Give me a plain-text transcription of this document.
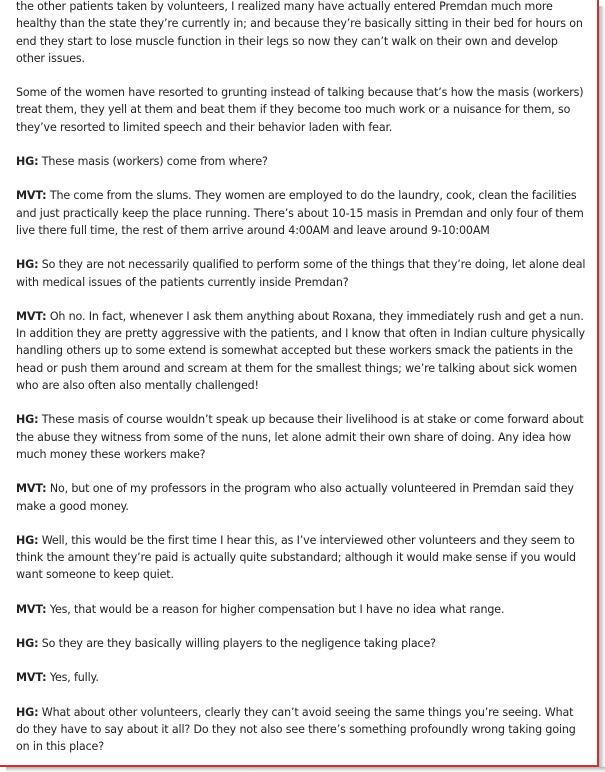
the other patients taken by volunteers, I realized many have actually entered Premdan much more healthy than the state they’re currently in; and because they’re basically sitting in their bed for hours on end they start to lose muscle function in their legs so now they can’t walk on their own and develop other issues.

Some of the women have resorted to grunting instead of talking because that’s how the masis (workers) treat them, they yell at them and beat them if they become too much work or a nuisance for them, so they’ve resorted to limited speech and their behavior laden with fear.

HG: These masis (workers) come from where?

MVT: The come from the slums. They women are employed to do the laundry, cook, clean the facilities and just practically keep the place running. There’s about 10-15 masis in Premdan and only four of them live there full time, the rest of them arrive around 4:00AM and leave around 9-10:00AM

HG: So they are not necessarily qualified to perform some of the things that they’re doing, let alone deal with medical issues of the patients currently inside Premdan?

MVT: Oh no. In fact, whenever I ask them anything about Roxana, they immediately rush and get a nun. In addition they are pretty aggressive with the patients, and I know that often in Indian culture physically handling others up to some extend is somewhat accepted but these workers smack the patients in the head or push them around and scream at them for the smallest things; we’re talking about sick women who are also often also mentally challenged!

HG: These masis of course wouldn’t speak up because their livelihood is at stake or come forward about the abuse they witness from some of the nuns, let alone admit their own share of doing. Any idea how much money these workers make?

MVT: No, but one of my professors in the program who also actually volunteered in Premdan said they make a good money.

HG: Well, this would be the first time I hear this, as I’ve interviewed other volunteers and they seem to think the amount they’re paid is actually quite substandard; although it would make sense if you would want someone to keep quiet.

MVT: Yes, that would be a reason for higher compensation but I have no idea what range.

HG: So they are they basically willing players to the negligence taking place?

MVT: Yes, fully.

HG: What about other volunteers, clearly they can’t avoid seeing the same things you’re seeing. What do they have to say about it all? Do they not also see there’s something profoundly wrong taking going on in this place?
